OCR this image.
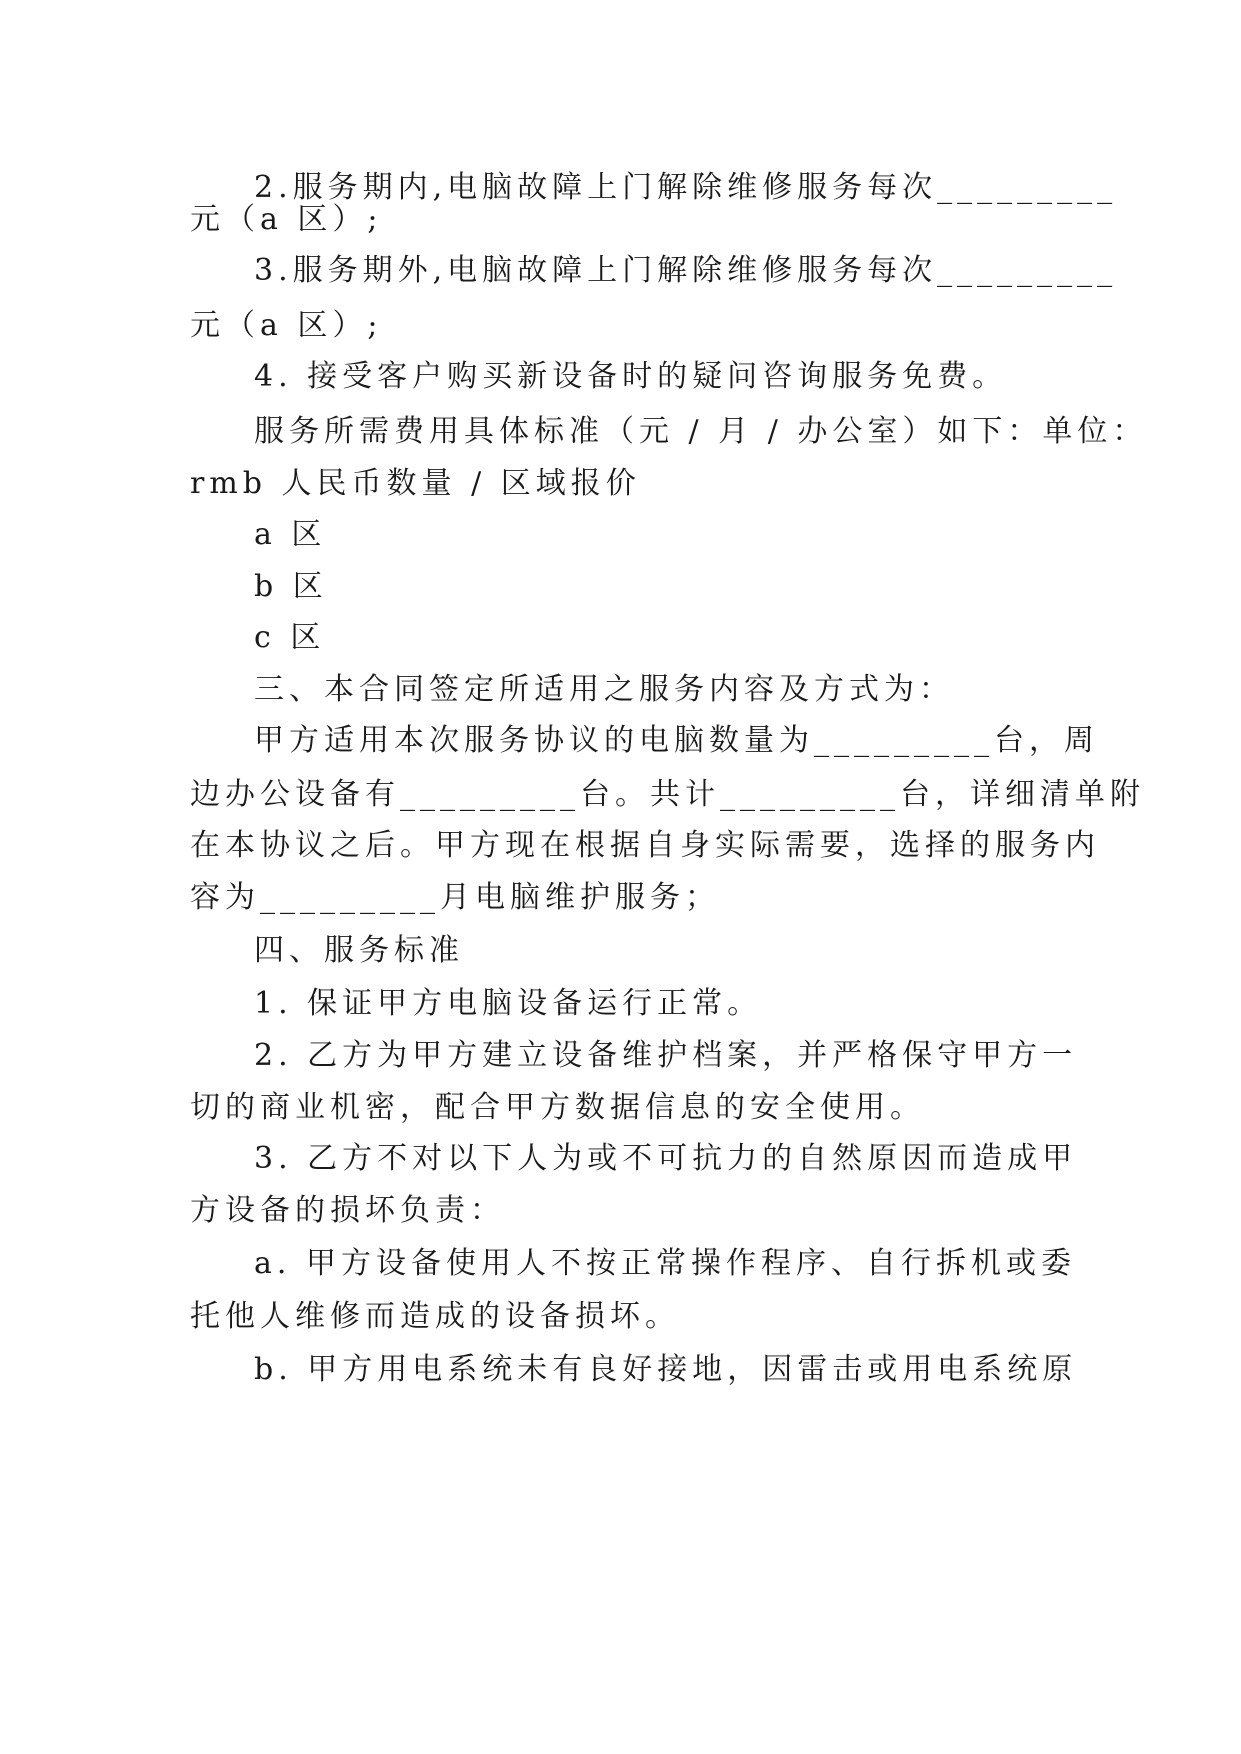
2.服务期内,电脑故障上门解除维修服务每次_________
元（a 区）;
3.服务期外,电脑故障上门解除维修服务每次_________
元（a 区）;
4. 接受客户购买新设备时的疑问咨询服务免费。
服务所需费用具体标准（元 / 月 / 办公室）如下：单位：
rmb 人民币数量 / 区域报价
a 区
b 区
c 区
三、本合同签定所适用之服务内容及方式为：
甲方适用本次服务协议的电脑数量为_________台，周
边办公设备有_________台。共计_________台，详细清单附
在本协议之后。甲方现在根据自身实际需要，选择的服务内
容为_________月电脑维护服务；
四、服务标准
1. 保证甲方电脑设备运行正常。
2. 乙方为甲方建立设备维护档案，并严格保守甲方一
切的商业机密，配合甲方数据信息的安全使用。
3. 乙方不对以下人为或不可抗力的自然原因而造成甲
方设备的损坏负责：
a. 甲方设备使用人不按正常操作程序、自行拆机或委
托他人维修而造成的设备损坏。
b. 甲方用电系统未有良好接地，因雷击或用电系统原
